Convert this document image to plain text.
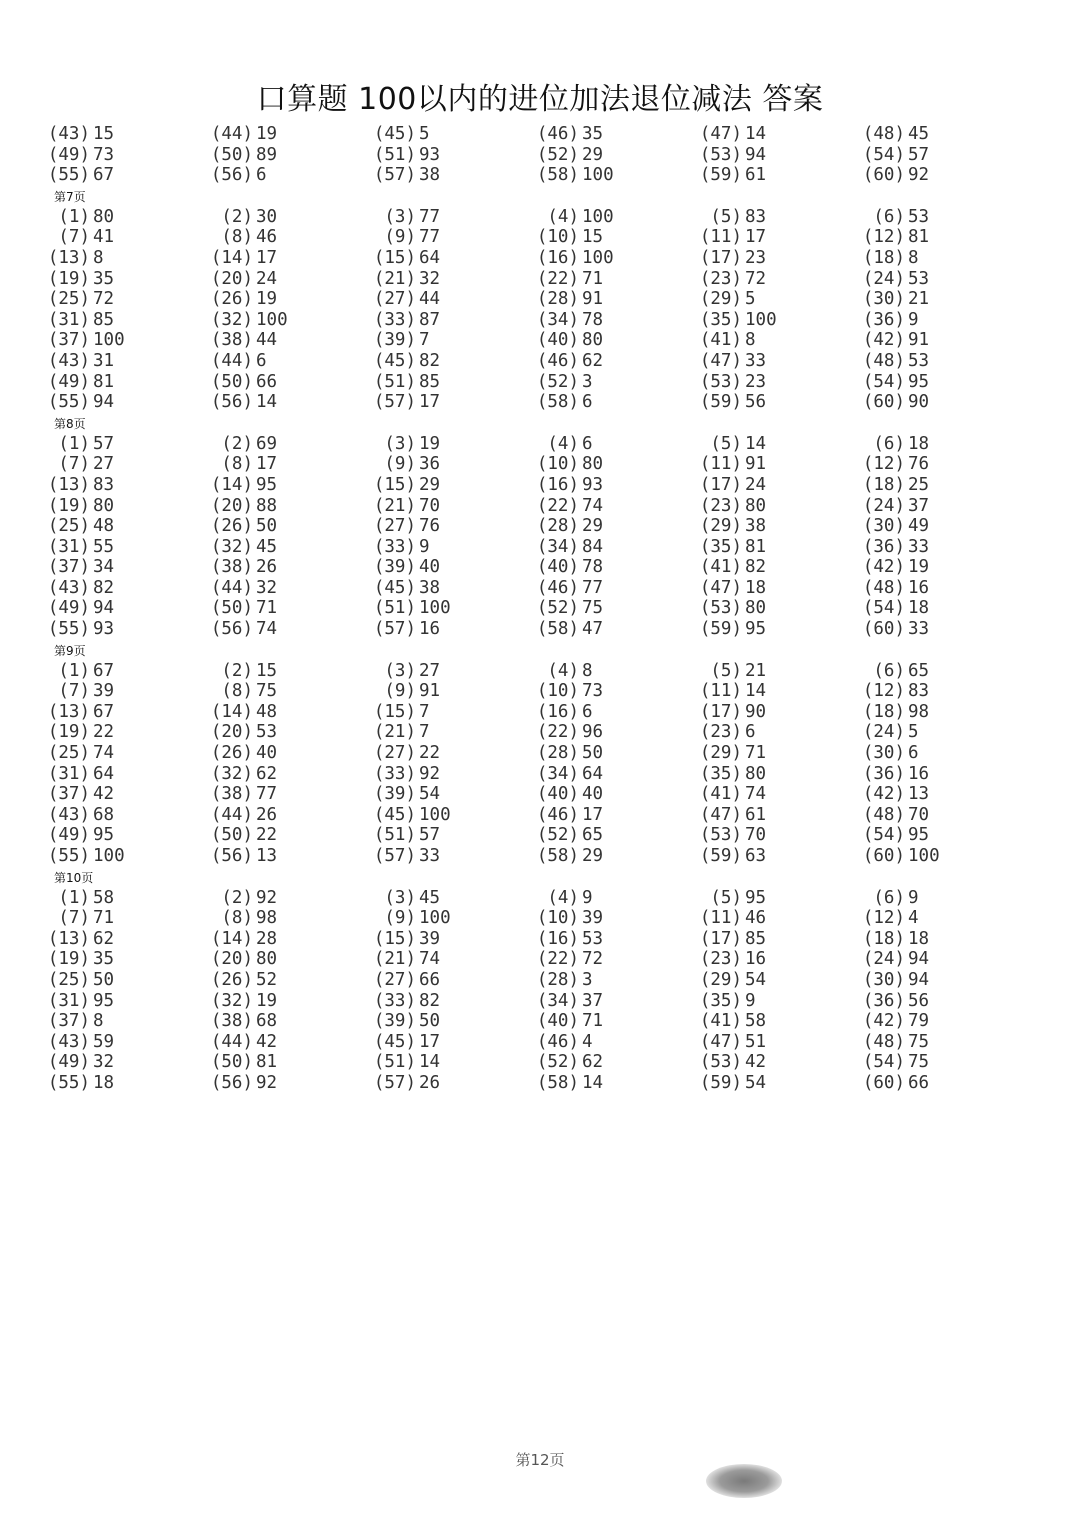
口算题 100以内的进位加法退位减法 答案
(43) 15	(44) 19	(45) 5	(46) 35	(47) 14	(48) 45
(49) 73	(50) 89	(51) 93	(52) 29	(53) 94	(54) 57
(55) 67	(56) 6	(57) 38	(58) 100	(59) 61	(60) 92
第7页
(1) 80	(2) 30	(3) 77	(4) 100	(5) 83	(6) 53
(7) 41	(8) 46	(9) 77	(10) 15	(11) 17	(12) 81
(13) 8	(14) 17	(15) 64	(16) 100	(17) 23	(18) 8
(19) 35	(20) 24	(21) 32	(22) 71	(23) 72	(24) 53
(25) 72	(26) 19	(27) 44	(28) 91	(29) 5	(30) 21
(31) 85	(32) 100	(33) 87	(34) 78	(35) 100	(36) 9
(37) 100	(38) 44	(39) 7	(40) 80	(41) 8	(42) 91
(43) 31	(44) 6	(45) 82	(46) 62	(47) 33	(48) 53
(49) 81	(50) 66	(51) 85	(52) 3	(53) 23	(54) 95
(55) 94	(56) 14	(57) 17	(58) 6	(59) 56	(60) 90
第8页
(1) 57	(2) 69	(3) 19	(4) 6	(5) 14	(6) 18
(7) 27	(8) 17	(9) 36	(10) 80	(11) 91	(12) 76
(13) 83	(14) 95	(15) 29	(16) 93	(17) 24	(18) 25
(19) 80	(20) 88	(21) 70	(22) 74	(23) 80	(24) 37
(25) 48	(26) 50	(27) 76	(28) 29	(29) 38	(30) 49
(31) 55	(32) 45	(33) 9	(34) 84	(35) 81	(36) 33
(37) 34	(38) 26	(39) 40	(40) 78	(41) 82	(42) 19
(43) 82	(44) 32	(45) 38	(46) 77	(47) 18	(48) 16
(49) 94	(50) 71	(51) 100	(52) 75	(53) 80	(54) 18
(55) 93	(56) 74	(57) 16	(58) 47	(59) 95	(60) 33
第9页
(1) 67	(2) 15	(3) 27	(4) 8	(5) 21	(6) 65
(7) 39	(8) 75	(9) 91	(10) 73	(11) 14	(12) 83
(13) 67	(14) 48	(15) 7	(16) 6	(17) 90	(18) 98
(19) 22	(20) 53	(21) 7	(22) 96	(23) 6	(24) 5
(25) 74	(26) 40	(27) 22	(28) 50	(29) 71	(30) 6
(31) 64	(32) 62	(33) 92	(34) 64	(35) 80	(36) 16
(37) 42	(38) 77	(39) 54	(40) 40	(41) 74	(42) 13
(43) 68	(44) 26	(45) 100	(46) 17	(47) 61	(48) 70
(49) 95	(50) 22	(51) 57	(52) 65	(53) 70	(54) 95
(55) 100	(56) 13	(57) 33	(58) 29	(59) 63	(60) 100
第10页
(1) 58	(2) 92	(3) 45	(4) 9	(5) 95	(6) 9
(7) 71	(8) 98	(9) 100	(10) 39	(11) 46	(12) 4
(13) 62	(14) 28	(15) 39	(16) 53	(17) 85	(18) 18
(19) 35	(20) 80	(21) 74	(22) 72	(23) 16	(24) 94
(25) 50	(26) 52	(27) 66	(28) 3	(29) 54	(30) 94
(31) 95	(32) 19	(33) 82	(34) 37	(35) 9	(36) 56
(37) 8	(38) 68	(39) 50	(40) 71	(41) 58	(42) 79
(43) 59	(44) 42	(45) 17	(46) 4	(47) 51	(48) 75
(49) 32	(50) 81	(51) 14	(52) 62	(53) 42	(54) 75
(55) 18	(56) 92	(57) 26	(58) 14	(59) 54	(60) 66
第12页
